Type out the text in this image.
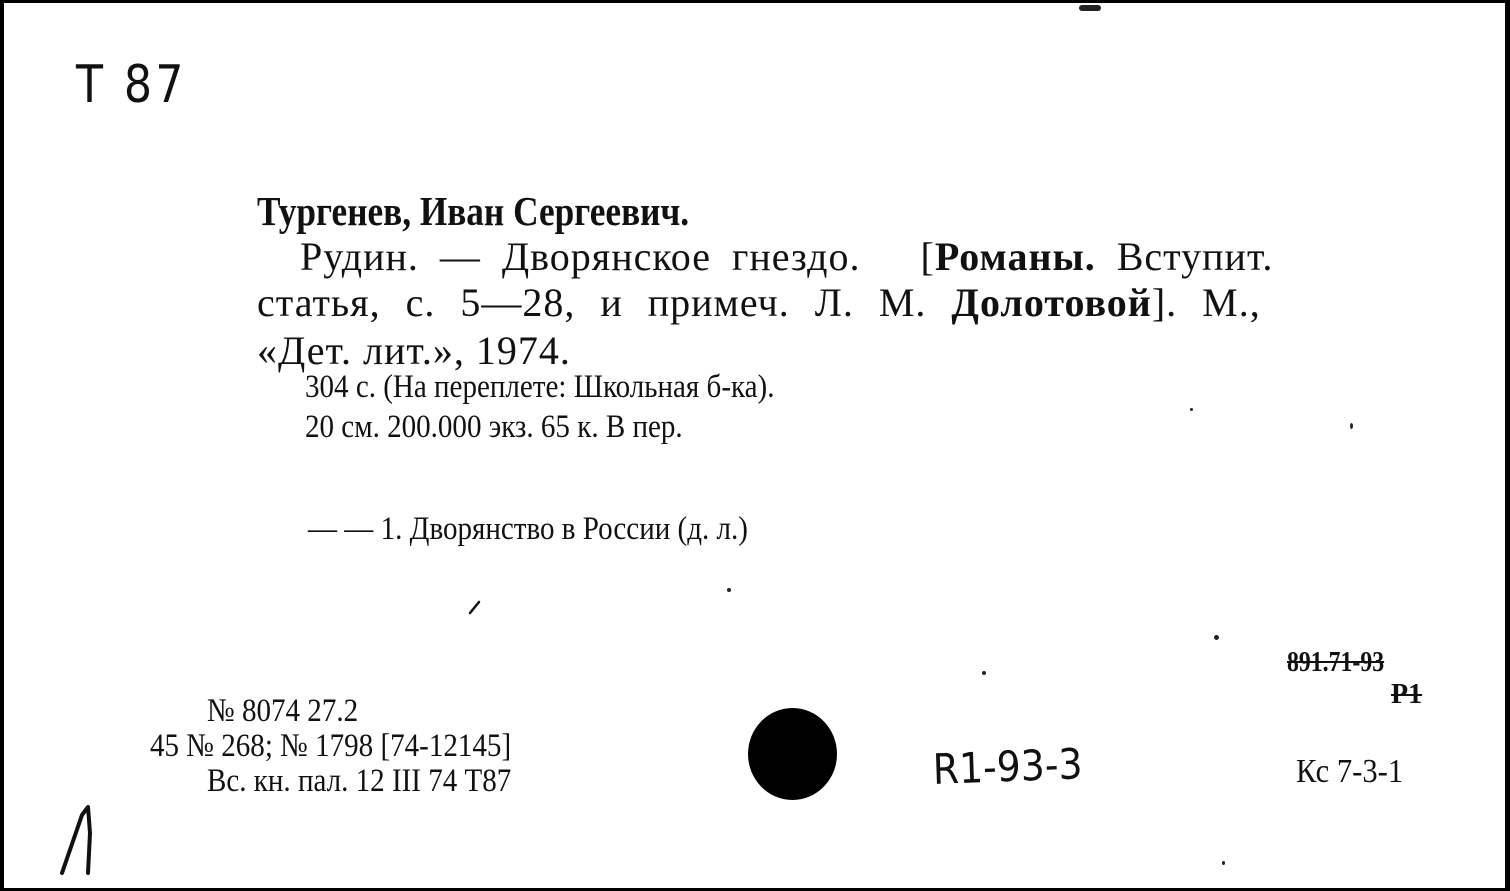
Т 87
Тургенев, Иван Сергеевич.
Рудин. — Дворянское гнездо. [Романы. Вступит.
статья, с. 5—28, и примеч. Л. М. Долотовой]. М.,
«Дет. лит.», 1974.
304 с. (На переплете: Школьная б-ка).
20 см. 200.000 экз. 65 к. В пер.
— — 1. Дворянство в России (д. л.)
№ 8074 27.2
45 № 268; № 1798 [74-12145]
Вс. кн. пал. 12 III 74 Т87	R1-93-3
891.71-93
Р1
Кс 7-3-1
